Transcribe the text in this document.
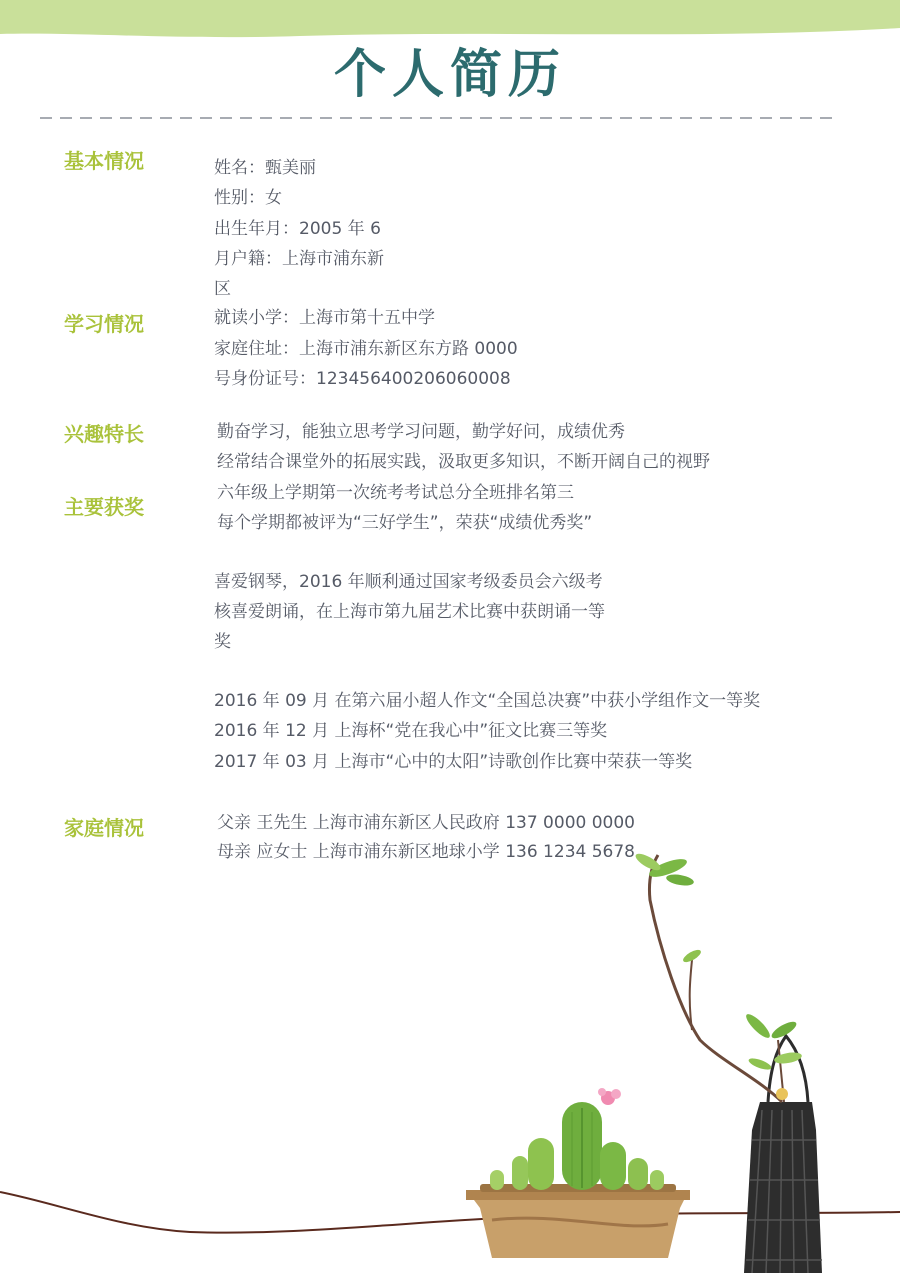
个人简历
基本情况
学习情况
兴趣特长
主要获奖
家庭情况
姓名：甄美丽
性别：女
出生年月：2005 年 6
月户籍：上海市浦东新
区
就读小学：上海市第十五中学
家庭住址：上海市浦东新区东方路 0000
号身份证号：123456400206060008
勤奋学习，能独立思考学习问题，勤学好问，成绩优秀
经常结合课堂外的拓展实践，汲取更多知识，不断开阔自己的视野
六年级上学期第一次统考考试总分全班排名第三
每个学期都被评为“三好学生”，荣获“成绩优秀奖”
喜爱钢琴，2016 年顺利通过国家考级委员会六级考
核喜爱朗诵，在上海市第九届艺术比赛中获朗诵一等
奖
2016 年 09 月 在第六届小超人作文“全国总决赛”中获小学组作文一等奖
2016 年 12 月 上海杯“党在我心中”征文比赛三等奖
2017 年 03 月 上海市“心中的太阳”诗歌创作比赛中荣获一等奖
父亲 王先生 上海市浦东新区人民政府 137 0000 0000
母亲 应女士 上海市浦东新区地球小学 136 1234 5678
